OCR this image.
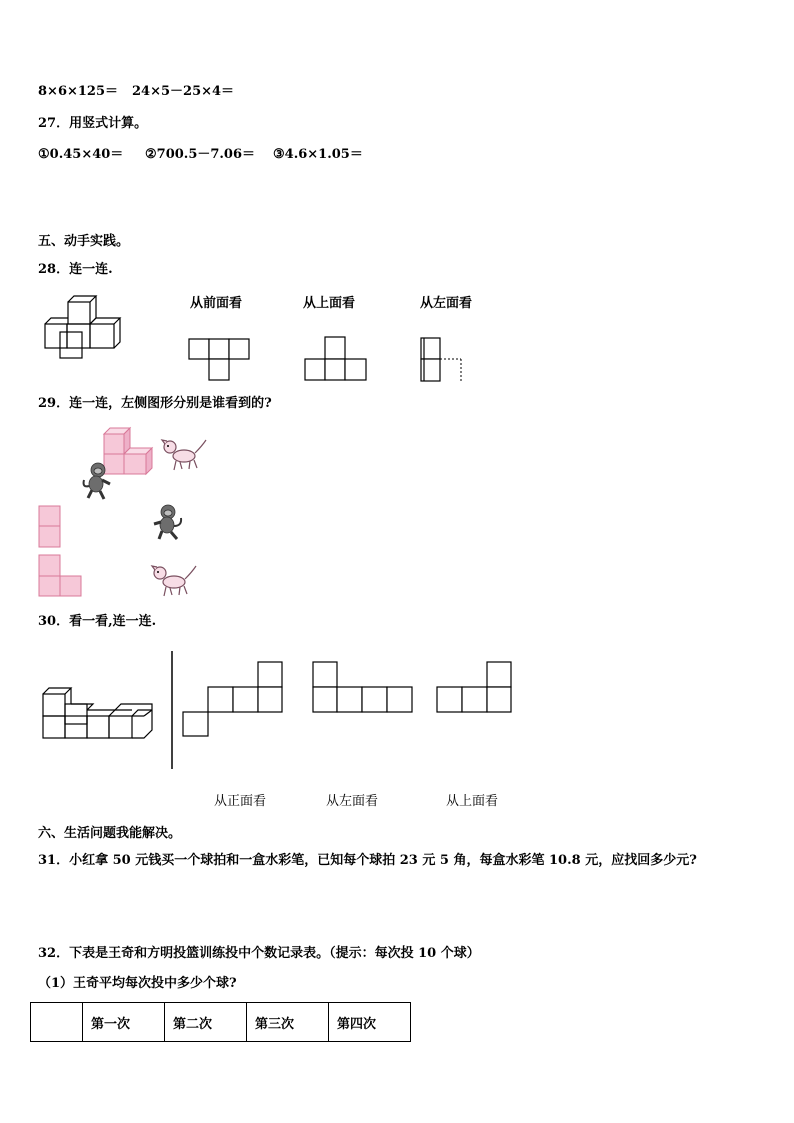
8×6×125＝ 24×5－25×4＝
27．用竖式计算。
①0.45×40＝ ②700.5－7.06＝ ③4.6×1.05＝
五、动手实践。
28．连一连.
从前面看	从上面看	从左面看
29．连一连，左侧图形分别是谁看到的?
30．看一看,连一连.
从正面看	从左面看	从上面看
六、生活问题我能解决。
31．小红拿 50 元钱买一个球拍和一盒水彩笔，已知每个球拍 23 元 5 角，每盒水彩笔 10.8 元，应找回多少元?
32．下表是王奇和方明投篮训练投中个数记录表。（提示：每次投 10 个球）
（1）王奇平均每次投中多少个球?
	第一次	第二次	第三次	第四次
